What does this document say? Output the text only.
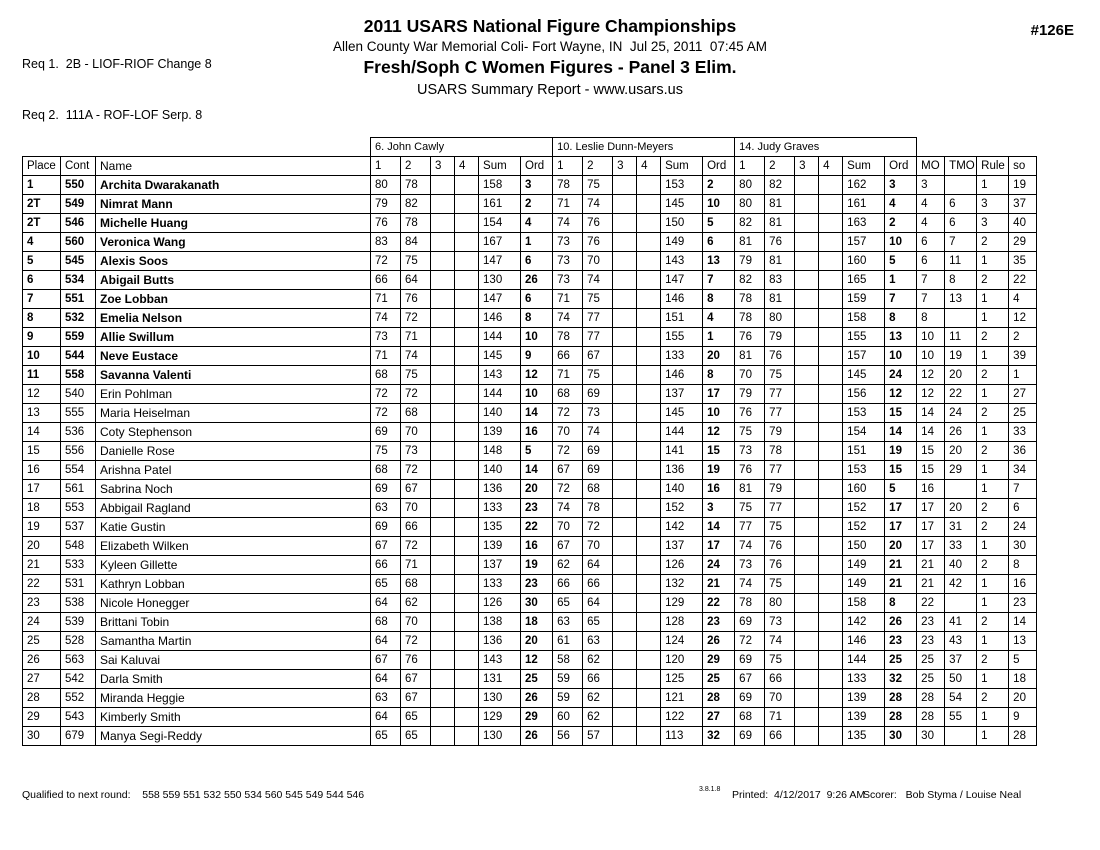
Req 1.  2B - LIOF-RIOF Change 8

Req 2.  111A - ROF-LOF Serp. 8

#126E
2011 USARS National Figure Championships
Allen County War Memorial Coli- Fort Wayne, IN  Jul 25, 2011  07:45 AM
Fresh/Soph C Women Figures - Panel 3 Elim.
USARS Summary Report - www.usars.us
			6. John Cawly						10. Leslie Dunn-Meyers						14. Judy Graves									
Place	Cont	Name	1	2	3	4	Sum	Ord	1	2	3	4	Sum	Ord	1	2	3	4	Sum	Ord	MO	TMO	Rule	so
1	550	Archita Dwarakanath	80	78			158	3	78	75			153	2	80	82			162	3	3		1	19
2T	549	Nimrat Mann	79	82			161	2	71	74			145	10	80	81			161	4	4	6	3	37
2T	546	Michelle Huang	76	78			154	4	74	76			150	5	82	81			163	2	4	6	3	40
4	560	Veronica Wang	83	84			167	1	73	76			149	6	81	76			157	10	6	7	2	29
5	545	Alexis Soos	72	75			147	6	73	70			143	13	79	81			160	5	6	11	1	35
6	534	Abigail Butts	66	64			130	26	73	74			147	7	82	83			165	1	7	8	2	22
7	551	Zoe Lobban	71	76			147	6	71	75			146	8	78	81			159	7	7	13	1	4
8	532	Emelia Nelson	74	72			146	8	74	77			151	4	78	80			158	8	8		1	12
9	559	Allie Swillum	73	71			144	10	78	77			155	1	76	79			155	13	10	11	2	2
10	544	Neve Eustace	71	74			145	9	66	67			133	20	81	76			157	10	10	19	1	39
11	558	Savanna Valenti	68	75			143	12	71	75			146	8	70	75			145	24	12	20	2	1
12	540	Erin Pohlman	72	72			144	10	68	69			137	17	79	77			156	12	12	22	1	27
13	555	Maria Heiselman	72	68			140	14	72	73			145	10	76	77			153	15	14	24	2	25
14	536	Coty Stephenson	69	70			139	16	70	74			144	12	75	79			154	14	14	26	1	33
15	556	Danielle Rose	75	73			148	5	72	69			141	15	73	78			151	19	15	20	2	36
16	554	Arishna Patel	68	72			140	14	67	69			136	19	76	77			153	15	15	29	1	34
17	561	Sabrina Noch	69	67			136	20	72	68			140	16	81	79			160	5	16		1	7
18	553	Abbigail Ragland	63	70			133	23	74	78			152	3	75	77			152	17	17	20	2	6
19	537	Katie Gustin	69	66			135	22	70	72			142	14	77	75			152	17	17	31	2	24
20	548	Elizabeth Wilken	67	72			139	16	67	70			137	17	74	76			150	20	17	33	1	30
21	533	Kyleen Gillette	66	71			137	19	62	64			126	24	73	76			149	21	21	40	2	8
22	531	Kathryn Lobban	65	68			133	23	66	66			132	21	74	75			149	21	21	42	1	16
23	538	Nicole Honegger	64	62			126	30	65	64			129	22	78	80			158	8	22		1	23
24	539	Brittani Tobin	68	70			138	18	63	65			128	23	69	73			142	26	23	41	2	14
25	528	Samantha Martin	64	72			136	20	61	63			124	26	72	74			146	23	23	43	1	13
26	563	Sai Kaluvai	67	76			143	12	58	62			120	29	69	75			144	25	25	37	2	5
27	542	Darla Smith	64	67			131	25	59	66			125	25	67	66			133	32	25	50	1	18
28	552	Miranda Heggie	63	67			130	26	59	62			121	28	69	70			139	28	28	54	2	20
29	543	Kimberly Smith	64	65			129	29	60	62			122	27	68	71			139	28	28	55	1	9
30	679	Manya Segi-Reddy	65	65			130	26	56	57			113	32	69	66			135	30	30		1	28
Qualified to next round:    558 559 551 532 550 534 560 545 549 544 546	3.8.1.8 Printed:  4/12/2017  9:26 AM
Scorer:   Bob Styma / Louise Neal
